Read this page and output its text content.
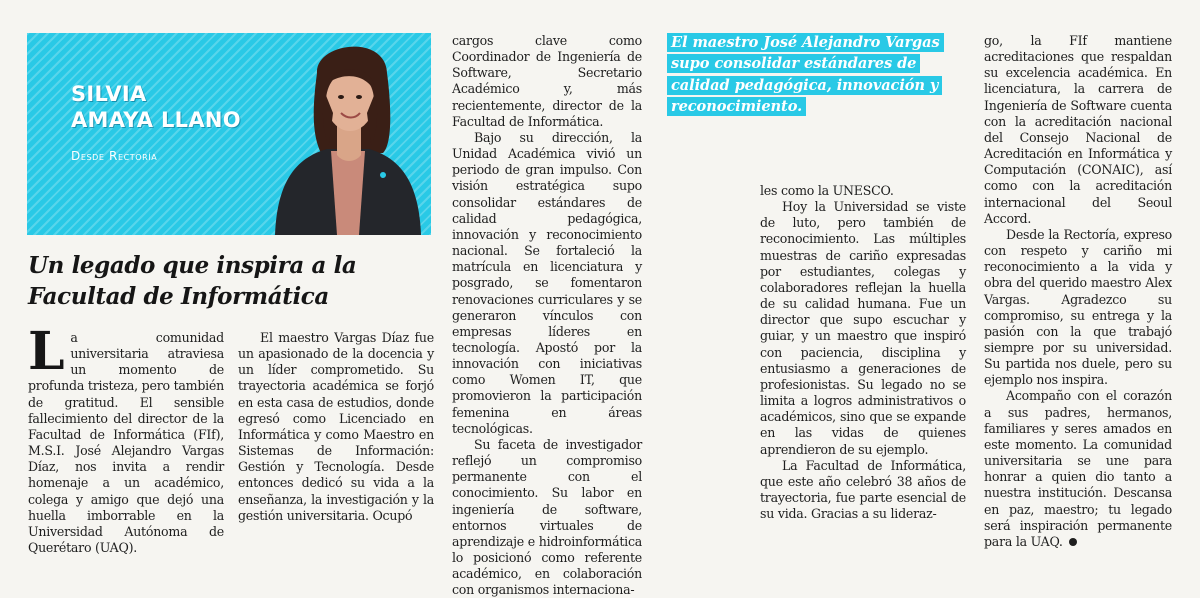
SILVIA
AMAYA LLANO
Desde Rectoría
Un legado que inspira a la Facultad de Informática
El maestro José Alejandro Vargas supo consolidar estándares de calidad pedagógica, innovación y reconocimiento.

La comunidad universitaria atraviesa un momento de profunda tristeza, pero también de gratitud. El sensible fallecimiento del director de la Facultad de Informática (FIf), M.S.I. José Alejandro Vargas Díaz, nos invita a rendir homenaje a un académico, colega y amigo que dejó una huella imborrable en la Universidad Autónoma de Querétaro (UAQ).

El maestro Vargas Díaz fue un apasionado de la docencia y un líder comprometido. Su trayectoria académica se forjó en esta casa de estudios, donde egresó como Licenciado en Informática y como Maestro en Sistemas de Información: Gestión y Tecnología. Desde entonces dedicó su vida a la enseñanza, la investigación y la gestión universitaria. Ocupó

cargos clave como Coordinador de Ingeniería de Software, Secretario Académico y, más recientemente, director de la Facultad de Informática.

Bajo su dirección, la Unidad Académica vivió un periodo de gran impulso. Con visión estratégica supo consolidar estándares de calidad pedagógica, innovación y reconocimiento nacional. Se fortaleció la matrícula en licenciatura y posgrado, se fomentaron renovaciones curriculares y se generaron vínculos con empresas líderes en tecnología. Apostó por la innovación con iniciativas como Women IT, que promovieron la participación femenina en áreas tecnológicas.

Su faceta de investigador reflejó un compromiso permanente con el conocimiento. Su labor en ingeniería de software, entornos virtuales de aprendizaje e hidroinformática lo posicionó como referente académico, en colaboración con organismos internaciona-

les como la UNESCO.

Hoy la Universidad se viste de luto, pero también de reconocimiento. Las múltiples muestras de cariño expresadas por estudiantes, colegas y colaboradores reflejan la huella de su calidad humana. Fue un director que supo escuchar y guiar, y un maestro que inspiró con paciencia, disciplina y entusiasmo a generaciones de profesionistas. Su legado no se limita a logros administrativos o académicos, sino que se expande en las vidas de quienes aprendieron de su ejemplo.

La Facultad de Informática, que este año celebró 38 años de trayectoria, fue parte esencial de su vida. Gracias a su lideraz-

go, la FIf mantiene acreditaciones que respaldan su excelencia académica. En licenciatura, la carrera de Ingeniería de Software cuenta con la acreditación nacional del Consejo Nacional de Acreditación en Informática y Computación (CONAIC), así como con la acreditación internacional del Seoul Accord.

Desde la Rectoría, expreso con respeto y cariño mi reconocimiento a la vida y obra del querido maestro Alex Vargas. Agradezco su compromiso, su entrega y la pasión con la que trabajó siempre por su universidad. Su partida nos duele, pero su ejemplo nos inspira.

Acompaño con el corazón a sus padres, hermanos, familiares y seres amados en este momento. La comunidad universitaria se une para honrar a quien dio tanto a nuestra institución. Descansa en paz, maestro; tu legado será inspiración permanente para la UAQ.
